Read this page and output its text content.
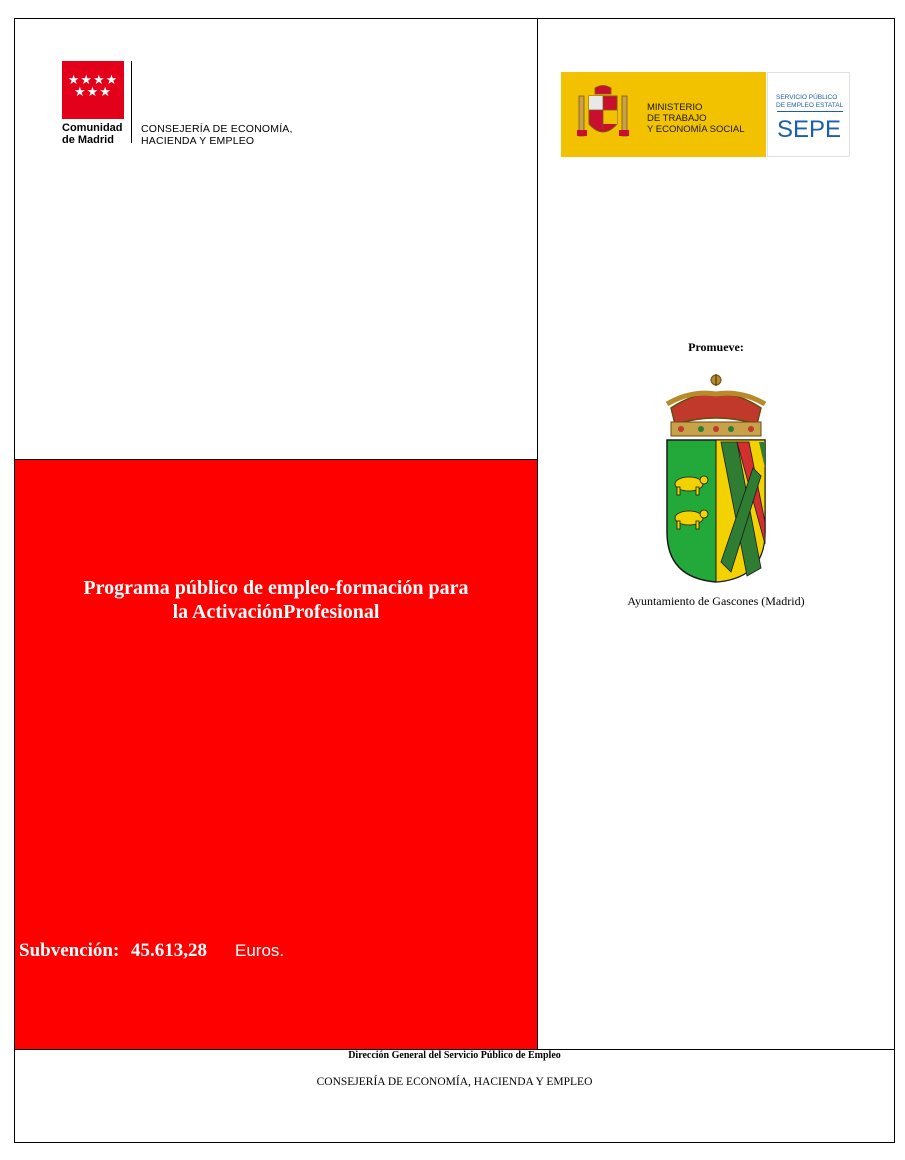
★★★★
★★★
Comunidad
de Madrid
CONSEJERÍA DE ECONOMÍA,
HACIENDA Y EMPLEO
MINISTERIO
DE TRABAJO
Y ECONOMÍA SOCIAL
SERVICIO PÚBLICO
DE EMPLEO ESTATAL
SEPE
Promueve:
Ayuntamiento de Gascones (Madrid)
Programa público de empleo-formación para
la ActivaciónProfesional
Subvención: 45.613,28 Euros.
Dirección General del Servicio Público de Empleo
CONSEJERÍA DE ECONOMÍA, HACIENDA Y EMPLEO
